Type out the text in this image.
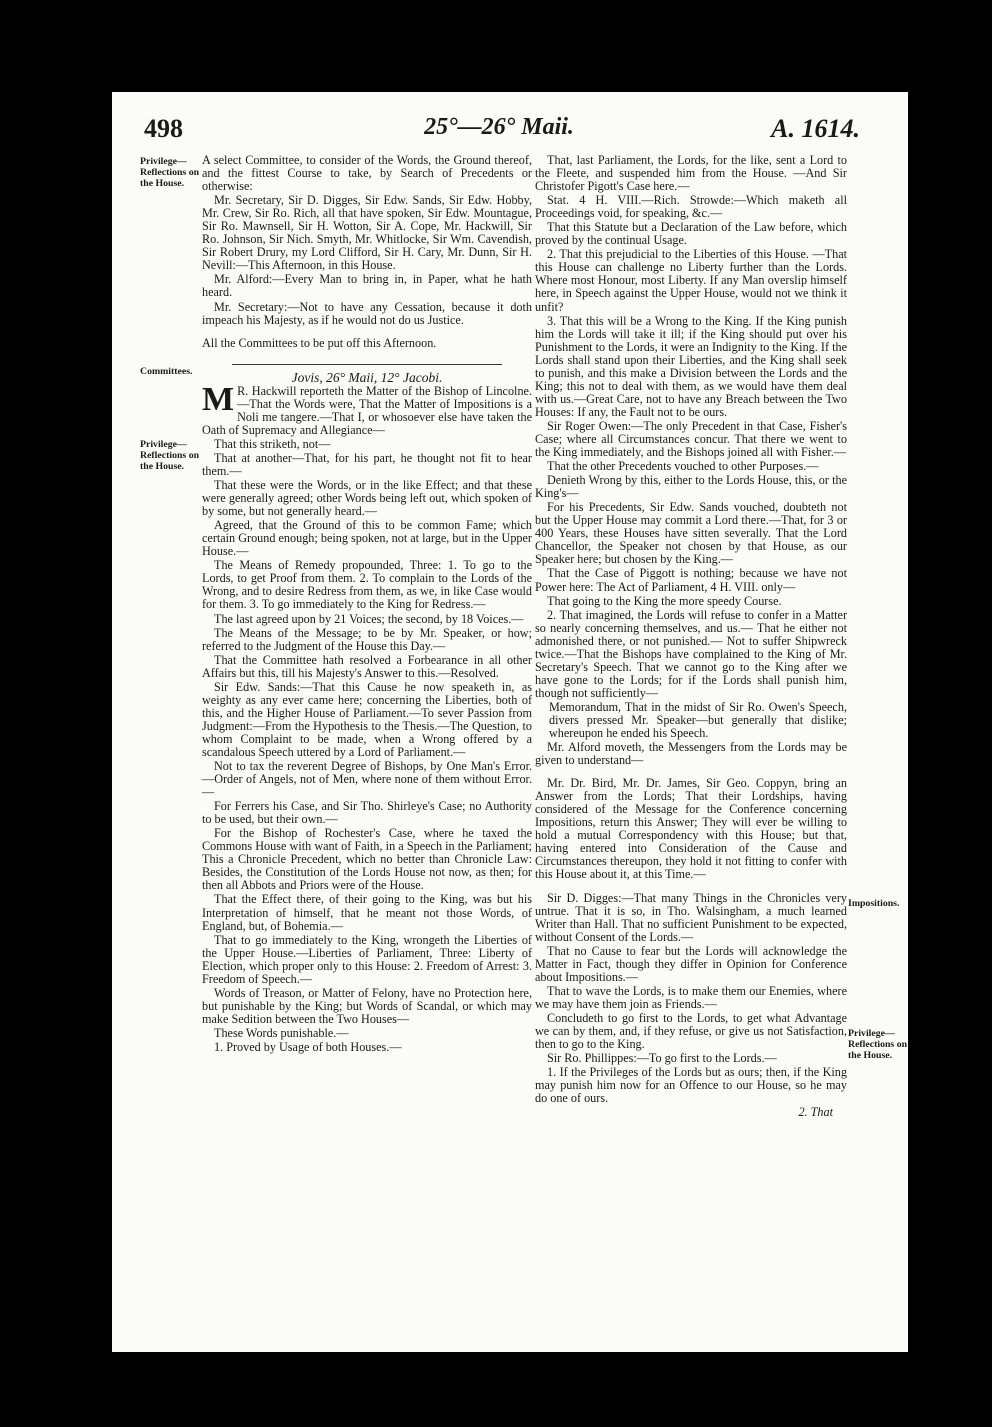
498	25°—26° Maii.	A. 1614.
Privilege—Reflections on the House.
Committees.
Privilege—Reflections on the House.
Impositions.
Privilege—Reflections on the House.

A select Committee, to consider of the Words, the Ground thereof, and the fittest Course to take, by Search of Precedents or otherwise:

Mr. Secretary, Sir D. Digges, Sir Edw. Sands, Sir Edw. Hobby, Mr. Crew, Sir Ro. Rich, all that have spoken, Sir Edw. Mountague, Sir Ro. Mawnsell, Sir H. Wotton, Sir A. Cope, Mr. Hackwill, Sir Ro. Johnson, Sir Nich. Smyth, Mr. Whitlocke, Sir Wm. Cavendish, Sir Robert Drury, my Lord Clifford, Sir H. Cary, Mr. Dunn, Sir H. Nevill:—This Afternoon, in this House.

Mr. Alford:—Every Man to bring in, in Paper, what he hath heard.

Mr. Secretary:—Not to have any Cessation, because it doth impeach his Majesty, as if he would not do us Justice.

All the Committees to be put off this Afternoon.

Jovis, 26° Maii, 12° Jacobi.

M R. Hackwill reporteth the Matter of the Bishop of Lincolne.—That the Words were, That the Matter of Impositions is a Noli me tangere.—That I, or whosoever else have taken the Oath of Supremacy and Allegiance—

That this striketh, not—

That at another—That, for his part, he thought not fit to hear them.—

That these were the Words, or in the like Effect; and that these were generally agreed; other Words being left out, which spoken of by some, but not generally heard.—

Agreed, that the Ground of this to be common Fame; which certain Ground enough; being spoken, not at large, but in the Upper House.—

The Means of Remedy propounded, Three: 1. To go to the Lords, to get Proof from them. 2. To complain to the Lords of the Wrong, and to desire Redress from them, as we, in like Case would for them. 3. To go immediately to the King for Redress.—

The last agreed upon by 21 Voices; the second, by 18 Voices.—

The Means of the Message; to be by Mr. Speaker, or how; referred to the Judgment of the House this Day.—

That the Committee hath resolved a Forbearance in all other Affairs but this, till his Majesty's Answer to this.—Resolved.

Sir Edw. Sands:—That this Cause he now speaketh in, as weighty as any ever came here; concerning the Liberties, both of this, and the Higher House of Parliament.—To sever Passion from Judgment:—From the Hypothesis to the Thesis.—The Question, to whom Complaint to be made, when a Wrong offered by a scandalous Speech uttered by a Lord of Parliament.—

Not to tax the reverent Degree of Bishops, by One Man's Error.—Order of Angels, not of Men, where none of them without Error.—

For Ferrers his Case, and Sir Tho. Shirleye's Case; no Authority to be used, but their own.—

For the Bishop of Rochester's Case, where he taxed the Commons House with want of Faith, in a Speech in the Parliament; This a Chronicle Precedent, which no better than Chronicle Law: Besides, the Constitution of the Lords House not now, as then; for then all Abbots and Priors were of the House.

That the Effect there, of their going to the King, was but his Interpretation of himself, that he meant not those Words, of England, but, of Bohemia.—

That to go immediately to the King, wrongeth the Liberties of the Upper House.—Liberties of Parliament, Three: Liberty of Election, which proper only to this House: 2. Freedom of Arrest: 3. Freedom of Speech.—

Words of Treason, or Matter of Felony, have no Protection here, but punishable by the King; but Words of Scandal, or which may make Sedition between the Two Houses—

These Words punishable.—

1. Proved by Usage of both Houses.—

That, last Parliament, the Lords, for the like, sent a Lord to the Fleete, and suspended him from the House. —And Sir Christofer Pigott's Case here.—

Stat. 4 H. VIII.—Rich. Strowde:—Which maketh all Proceedings void, for speaking, &c.—

That this Statute but a Declaration of the Law before, which proved by the continual Usage.

2. That this prejudicial to the Liberties of this House. —That this House can challenge no Liberty further than the Lords. Where most Honour, most Liberty. If any Man overslip himself here, in Speech against the Upper House, would not we think it unfit?

3. That this will be a Wrong to the King. If the King punish him the Lords will take it ill; if the King should put over his Punishment to the Lords, it were an Indignity to the King. If the Lords shall stand upon their Liberties, and the King shall seek to punish, and this make a Division between the Lords and the King; this not to deal with them, as we would have them deal with us.—Great Care, not to have any Breach between the Two Houses: If any, the Fault not to be ours.

Sir Roger Owen:—The only Precedent in that Case, Fisher's Case; where all Circumstances concur. That there we went to the King immediately, and the Bishops joined all with Fisher.—

That the other Precedents vouched to other Purposes.—

Denieth Wrong by this, either to the Lords House, this, or the King's—

For his Precedents, Sir Edw. Sands vouched, doubteth not but the Upper House may commit a Lord there.—That, for 3 or 400 Years, these Houses have sitten severally. That the Lord Chancellor, the Speaker not chosen by that House, as our Speaker here; but chosen by the King.—

That the Case of Piggott is nothing; because we have not Power here: The Act of Parliament, 4 H. VIII. only—

That going to the King the more speedy Course.

2. That imagined, the Lords will refuse to confer in a Matter so nearly concerning themselves, and us.— That he either not admonished there, or not punished.— Not to suffer Shipwreck twice.—That the Bishops have complained to the King of Mr. Secretary's Speech. That we cannot go to the King after we have gone to the Lords; for if the Lords shall punish him, though not sufficiently—

Memorandum, That in the midst of Sir Ro. Owen's Speech, divers pressed Mr. Speaker—but generally that dislike; whereupon he ended his Speech.

Mr. Alford moveth, the Messengers from the Lords may be given to understand—

Mr. Dr. Bird, Mr. Dr. James, Sir Geo. Coppyn, bring an Answer from the Lords; That their Lordships, having considered of the Message for the Conference concerning Impositions, return this Answer; They will ever be willing to hold a mutual Correspondency with this House; but that, having entered into Consideration of the Cause and Circumstances thereupon, they hold it not fitting to confer with this House about it, at this Time.—

Sir D. Digges:—That many Things in the Chronicles very untrue. That it is so, in Tho. Walsingham, a much learned Writer than Hall. That no sufficient Punishment to be expected, without Consent of the Lords.—

That no Cause to fear but the Lords will acknowledge the Matter in Fact, though they differ in Opinion for Conference about Impositions.—

That to wave the Lords, is to make them our Enemies, where we may have them join as Friends.—

Concludeth to go first to the Lords, to get what Advantage we can by them, and, if they refuse, or give us not Satisfaction, then to go to the King.

Sir Ro. Phillippes:—To go first to the Lords.—

1. If the Privileges of the Lords but as ours; then, if the King may punish him now for an Offence to our House, so he may do one of ours.

2. That
